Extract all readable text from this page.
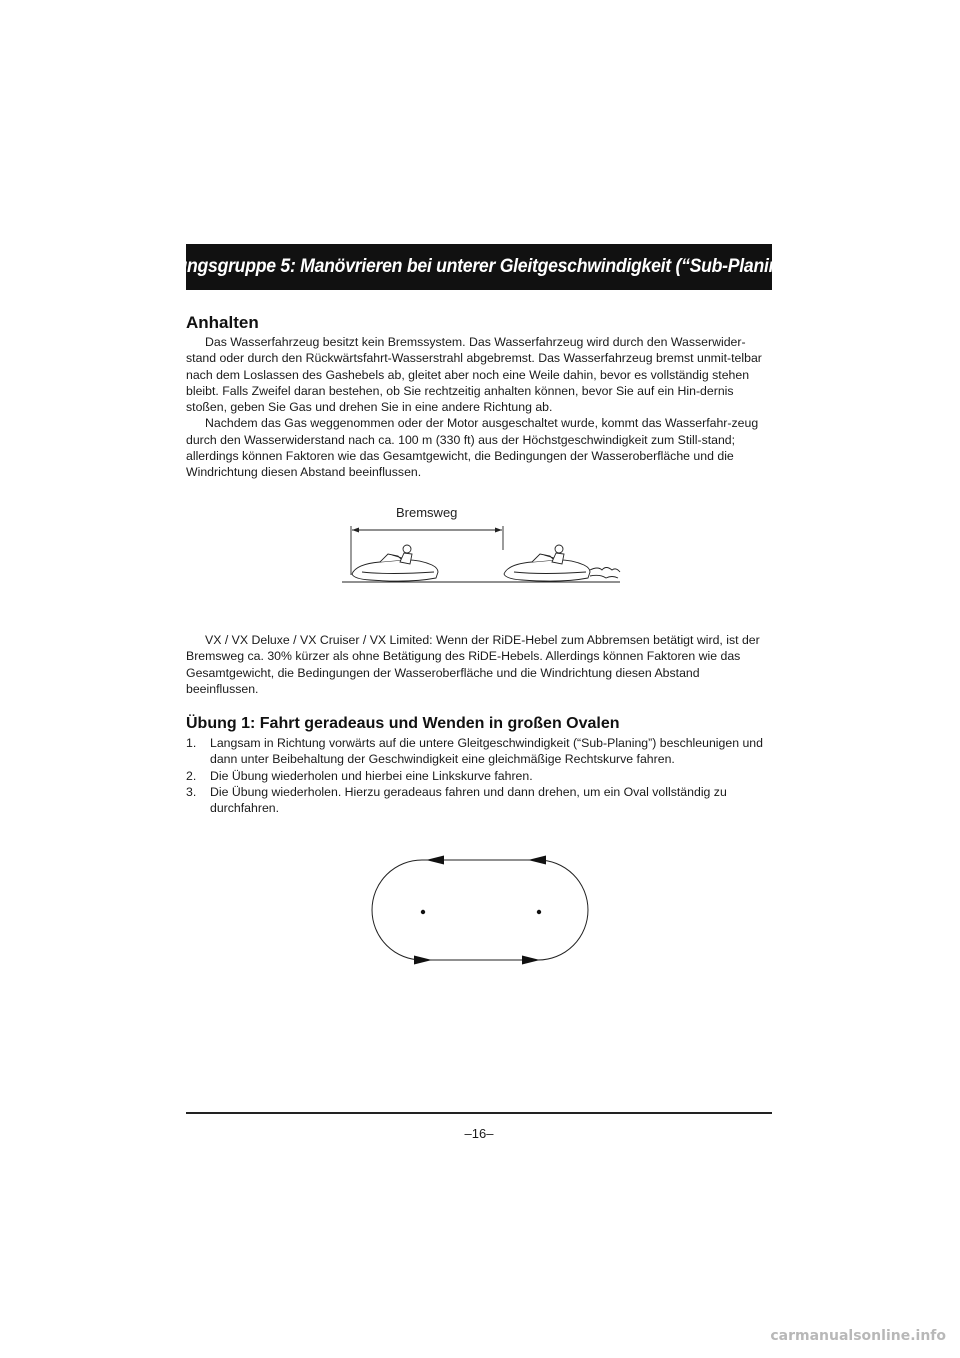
Übungsgruppe 5: Manövrieren bei unterer Gleitgeschwindigkeit (“Sub-Planing”)
Anhalten

Das Wasserfahrzeug besitzt kein Bremssystem. Das Wasserfahrzeug wird durch den Wasserwider-stand oder durch den Rückwärtsfahrt-Wasserstrahl abgebremst. Das Wasserfahrzeug bremst unmit-telbar nach dem Loslassen des Gashebels ab, gleitet aber noch eine Weile dahin, bevor es vollständig stehen bleibt. Falls Zweifel daran bestehen, ob Sie rechtzeitig anhalten können, bevor Sie auf ein Hin-dernis stoßen, geben Sie Gas und drehen Sie in eine andere Richtung ab.

Nachdem das Gas weggenommen oder der Motor ausgeschaltet wurde, kommt das Wasserfahr-zeug durch den Wasserwiderstand nach ca. 100 m (330 ft) aus der Höchstgeschwindigkeit zum Still-stand; allerdings können Faktoren wie das Gesamtgewicht, die Bedingungen der Wasseroberfläche und die Windrichtung diesen Abstand beeinflussen.

Bremsweg

VX / VX Deluxe / VX Cruiser / VX Limited: Wenn der RiDE-Hebel zum Abbremsen betätigt wird, ist der Bremsweg ca. 30% kürzer als ohne Betätigung des RiDE-Hebels. Allerdings können Faktoren wie das Gesamtgewicht, die Bedingungen der Wasseroberfläche und die Windrichtung diesen Abstand beeinflussen.

Übung 1: Fahrt geradeaus und Wenden in großen Ovalen
1. Langsam in Richtung vorwärts auf die untere Gleitgeschwindigkeit (“Sub-Planing”) beschleunigen und dann unter Beibehaltung der Geschwindigkeit eine gleichmäßige Rechtskurve fahren.
2. Die Übung wiederholen und hierbei eine Linkskurve fahren.
3. Die Übung wiederholen. Hierzu geradeaus fahren und dann drehen, um ein Oval vollständig zu durchfahren.
–16–
carmanualsonline.info
